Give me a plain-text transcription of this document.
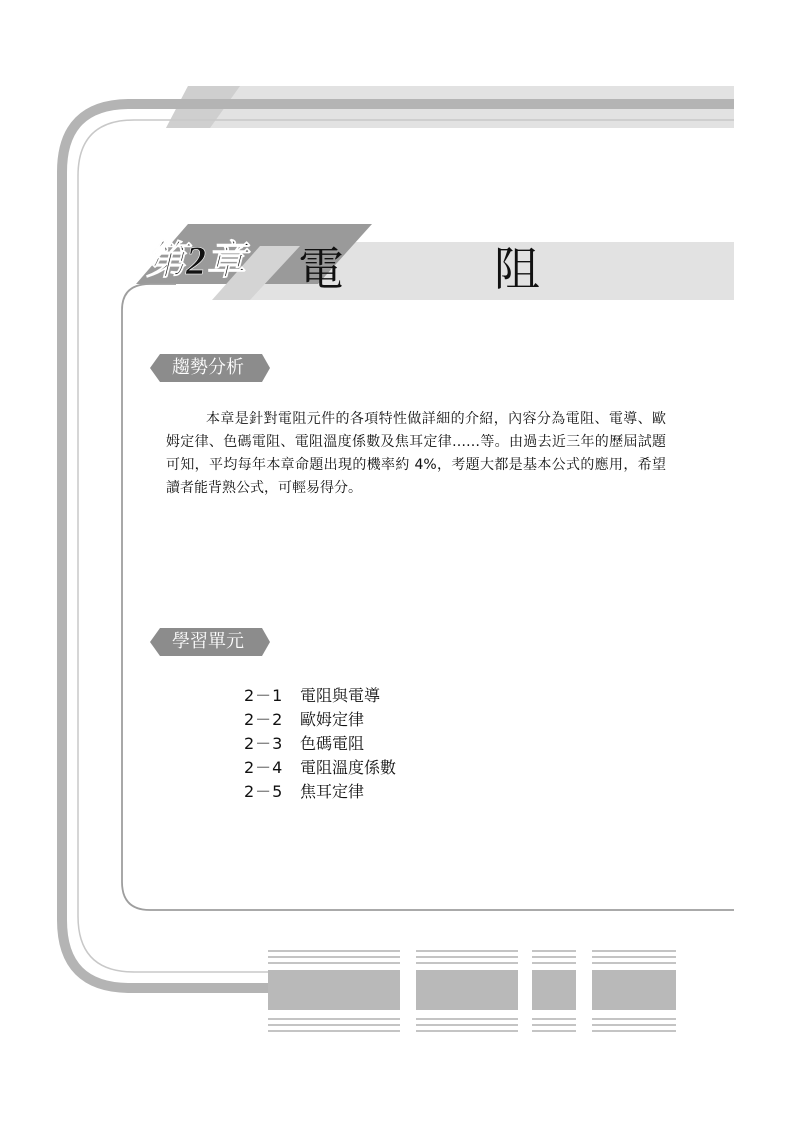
第2章 電　阻
趨勢分析

本章是針對電阻元件的各項特性做詳細的介紹，內容分為電阻、電導、歐姆定律、色碼電阻、電阻溫度係數及焦耳定律……等。由過去近三年的歷屆試題可知，平均每年本章命題出現的機率約 4%，考題大都是基本公式的應用，希望讀者能背熟公式，可輕易得分。

學習單元
2－1 電阻與電導
2－2 歐姆定律
2－3 色碼電阻
2－4 電阻溫度係數
2－5 焦耳定律
